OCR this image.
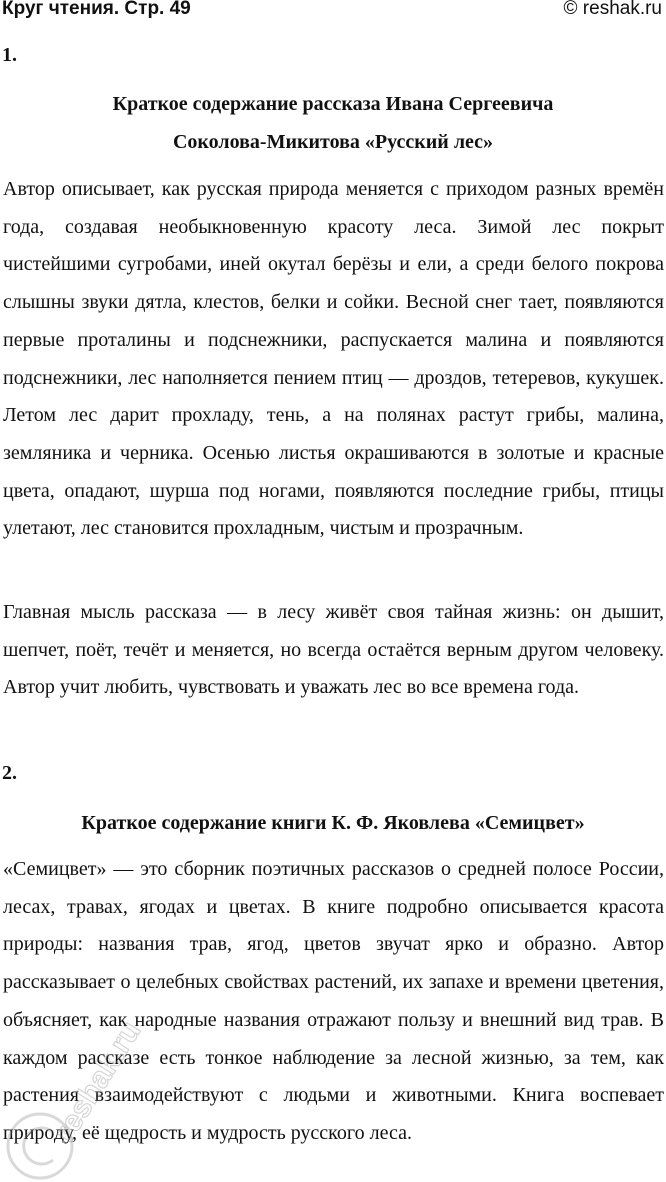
Круг чтения. Стр. 49	© reshak.ru
1.
Краткое содержание рассказа Ивана Сергеевича
Соколова-Микитова «Русский лес»

Автор описывает, как русская природа меняется с приходом разных времён года, создавая необыкновенную красоту леса. Зимой лес покрыт чистейшими сугробами, иней окутал берёзы и ели, а среди белого покрова слышны звуки дятла, клестов, белки и сойки. Весной снег тает, появляются первые проталины и подснежники, распускается малина и появляются подснежники, лес наполняется пением птиц — дроздов, тетеревов, кукушек. Летом лес дарит прохладу, тень, а на полянах растут грибы, малина, земляника и черника. Осенью листья окрашиваются в золотые и красные цвета, опадают, шурша под ногами, появляются последние грибы, птицы улетают, лес становится прохладным, чистым и прозрачным.

Главная мысль рассказа — в лесу живёт своя тайная жизнь: он дышит, шепчет, поёт, течёт и меняется, но всегда остаётся верным другом человеку. Автор учит любить, чувствовать и уважать лес во все времена года.

2.
Краткое содержание книги К. Ф. Яковлева «Семицвет»

«Семицвет» — это сборник поэтичных рассказов о средней полосе России, лесах, травах, ягодах и цветах. В книге подробно описывается красота природы: названия трав, ягод, цветов звучат ярко и образно. Автор рассказывает о целебных свойствах растений, их запахе и времени цветения, объясняет, как народные названия отражают пользу и внешний вид трав. В каждом рассказе есть тонкое наблюдение за лесной жизнью, за тем, как растения взаимодействуют с людьми и животными. Книга воспевает природу, её щедрость и мудрость русского леса.

reshak.ru
